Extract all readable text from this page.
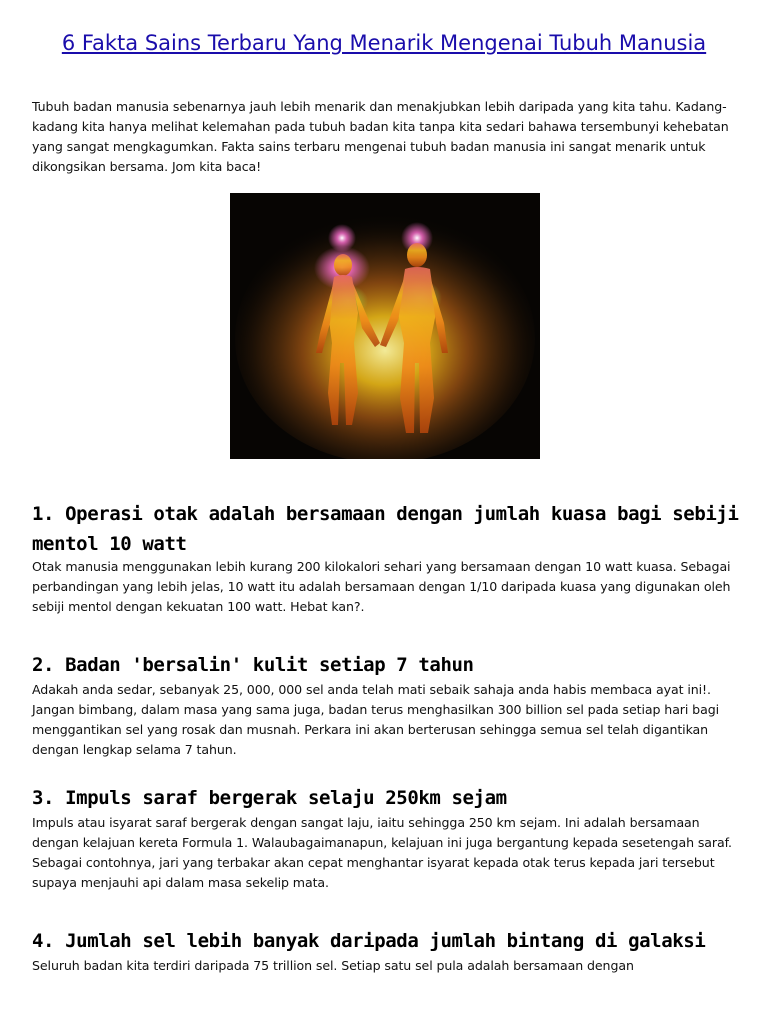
6 Fakta Sains Terbaru Yang Menarik Mengenai Tubuh Manusia
Tubuh badan manusia sebenarnya jauh lebih menarik dan menakjubkan lebih daripada yang kita tahu. Kadang-kadang kita hanya melihat kelemahan pada tubuh badan kita tanpa kita sedari bahawa tersembunyi kehebatan yang sangat mengkagumkan. Fakta sains terbaru mengenai tubuh badan manusia ini sangat menarik untuk dikongsikan bersama. Jom kita baca!
1. Operasi otak adalah bersamaan dengan jumlah kuasa bagi sebiji mentol 10 watt
Otak manusia menggunakan lebih kurang 200 kilokalori sehari yang bersamaan dengan 10 watt kuasa. Sebagai perbandingan yang lebih jelas, 10 watt itu adalah bersamaan dengan 1/10 daripada kuasa yang digunakan oleh sebiji mentol dengan kekuatan 100 watt. Hebat kan?.
2. Badan 'bersalin' kulit setiap 7 tahun
Adakah anda sedar, sebanyak 25, 000, 000 sel anda telah mati sebaik sahaja anda habis membaca ayat ini!. Jangan bimbang, dalam masa yang sama juga, badan terus menghasilkan 300 billion sel pada setiap hari bagi menggantikan sel yang rosak dan musnah. Perkara ini akan berterusan sehingga semua sel telah digantikan dengan lengkap selama 7 tahun.
3. Impuls saraf bergerak selaju 250km sejam
Impuls atau isyarat saraf bergerak dengan sangat laju, iaitu sehingga 250 km sejam. Ini adalah bersamaan dengan kelajuan kereta Formula 1. Walaubagaimanapun, kelajuan ini juga bergantung kepada sesetengah saraf. Sebagai contohnya, jari yang terbakar akan cepat menghantar isyarat kepada otak terus kepada jari tersebut supaya menjauhi api dalam masa sekelip mata.
4. Jumlah sel lebih banyak daripada jumlah bintang di galaksi
Seluruh badan kita terdiri daripada 75 trillion sel. Setiap satu sel pula adalah bersamaan dengan
